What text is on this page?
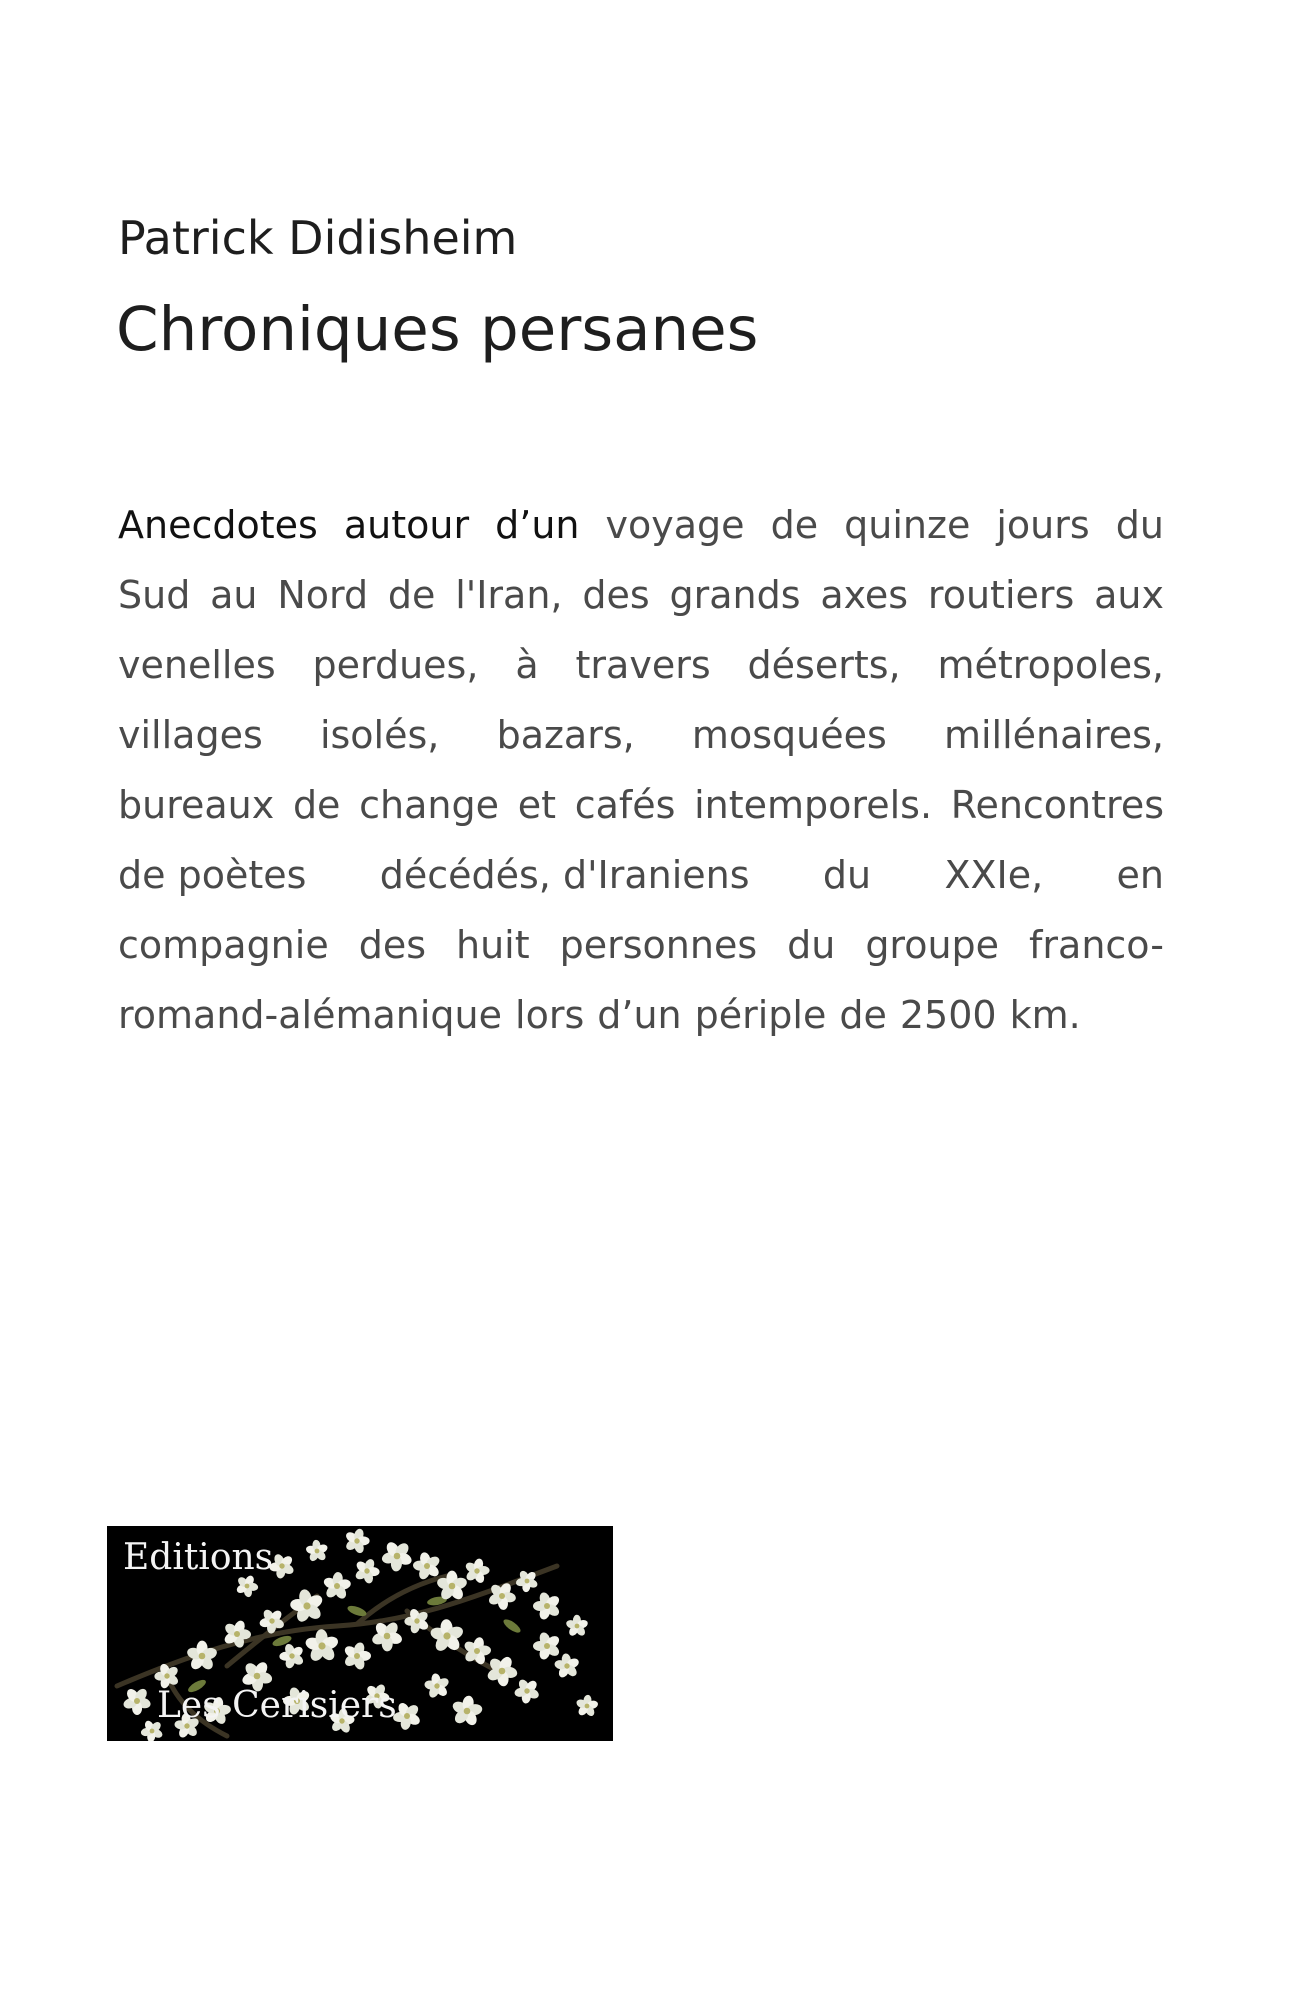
Patrick Didisheim
Chroniques persanes
Anecdotes autour d’un voyage de quinze jours du
Sud au Nord de l'Iran, des grands axes routiers aux
venelles perdues, à travers déserts, métropoles,
villages isolés, bazars, mosquées millénaires,
bureaux de change et cafés intemporels. Rencontres
de poètes décédés, d'Iraniens du XXIe, en
compagnie des huit personnes du groupe franco-
romand-alémanique lors d’un périple de 2500 km.
Editions
Les Cerisiers
